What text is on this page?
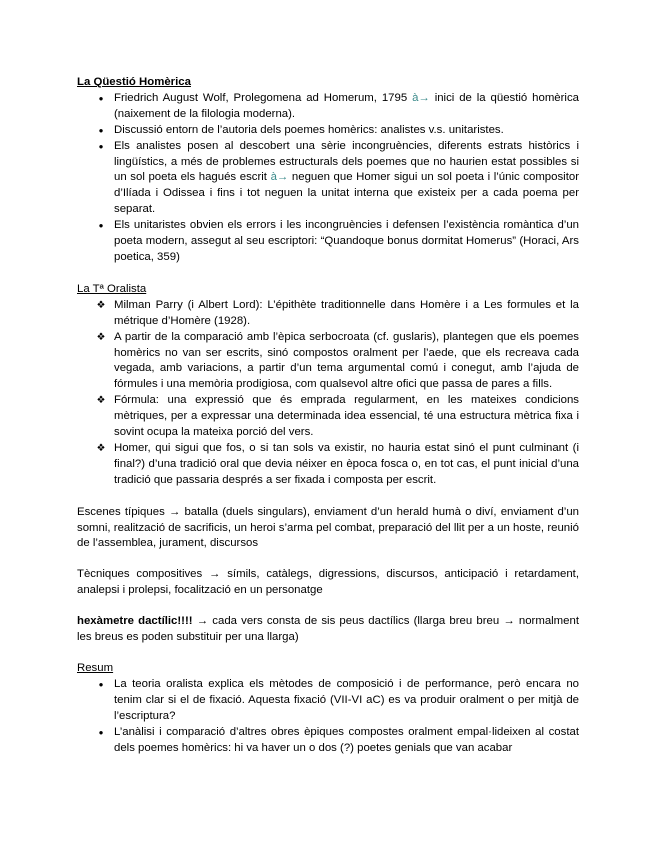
La Qüestió Homèrica
●
Friedrich August Wolf, Prolegomena ad Homerum, 1795 à→ inici de la qüestió homèrica (naixement de la filologia moderna).
●
Discussió entorn de l’autoria dels poemes homèrics: analistes v.s. unitaristes.
●
Els analistes posen al descobert una sèrie incongruències, diferents estrats històrics i lingüístics, a més de problemes estructurals dels poemes que no haurien estat possibles si un sol poeta els hagués escrit à→ neguen que Homer sigui un sol poeta i l’únic compositor d’Ilíada i Odissea i fins i tot neguen la unitat interna que existeix per a cada poema per separat.
●
Els unitaristes obvien els errors i les incongruències i defensen l’existència romàntica d’un poeta modern, assegut al seu escriptori: “Quandoque bonus dormitat Homerus” (Horaci, Ars poetica, 359)
La Tª Oralista
❖
Milman Parry (i Albert Lord): L’épithète traditionnelle dans Homère i a Les formules et la métrique d’Homère (1928).
❖
A partir de la comparació amb l’èpica serbocroata (cf. guslaris), plantegen que els poemes homèrics no van ser escrits, sinó compostos oralment per l’aede, que els recreava cada vegada, amb variacions, a partir d’un tema argumental comú i conegut, amb l’ajuda de fórmules i una memòria prodigiosa, com qualsevol altre ofici que passa de pares a fills.
❖
Fórmula: una expressió que és emprada regularment, en les mateixes condicions mètriques, per a expressar una determinada idea essencial, té una estructura mètrica fixa i sovint ocupa la mateixa porció del vers.
❖
Homer, qui sigui que fos, o si tan sols va existir, no hauria estat sinó el punt culminant (i final?) d’una tradició oral que devia néixer en època fosca o, en tot cas, el punt inicial d’una tradició que passaria després a ser fixada i composta per escrit.

Escenes típiques → batalla (duels singulars), enviament d’un herald humà o diví, enviament d’un somni, realització de sacrificis, un heroi s’arma pel combat, preparació del llit per a un hoste, reunió de l’assemblea, jurament, discursos

Tècniques compositives → símils, catàlegs, digressions, discursos, anticipació i retardament, analepsi i prolepsi, focalització en un personatge

hexàmetre dactílic!!!! → cada vers consta de sis peus dactílics (llarga breu breu → normalment les breus es poden substituir per una llarga)

Resum
●
La teoria oralista explica els mètodes de composició i de performance, però encara no tenim clar si el de fixació. Aquesta fixació (VII-VI aC) es va produir oralment o per mitjà de l’escriptura?
●
L’anàlisi i comparació d’altres obres èpiques compostes oralment empal·lideixen al costat dels poemes homèrics: hi va haver un o dos (?) poetes genials que van acabar
